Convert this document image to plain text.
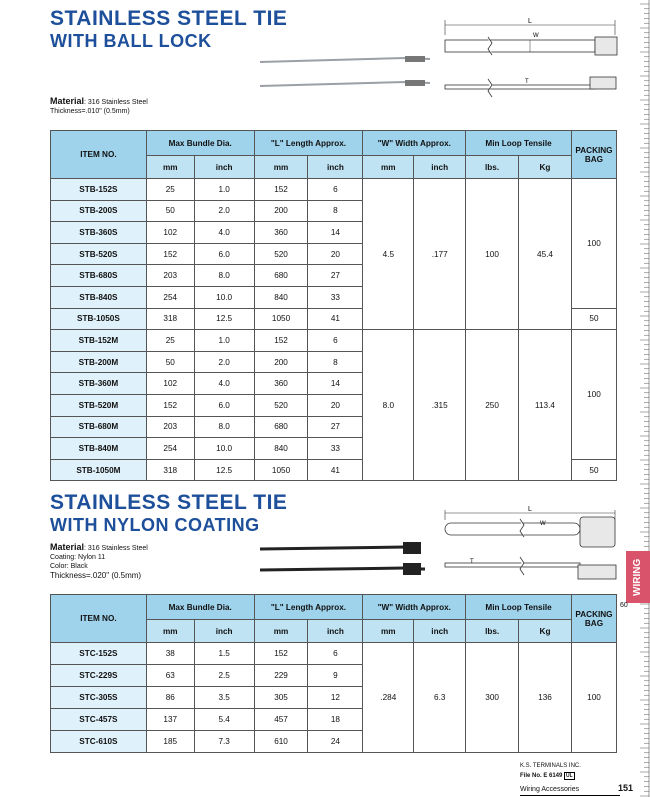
STAINLESS STEEL TIE
WITH BALL LOCK
L
W
T
Material: 316 Stainless Steel
Thickness=.010" (0.5mm)
ITEM NO.	Max Bundle Dia.		"L" Length Approx.		"W" Width Approx.		Min Loop Tensile		PACKING
BAG
	mm	inch	mm	inch	mm	inch	lbs.	Kg	
STB-152S	25	1.0	152	6	4.5	.177	100	45.4	100
STB-200S	50	2.0	200	8					
STB-360S	102	4.0	360	14					
STB-520S	152	6.0	520	20					
STB-680S	203	8.0	680	27					
STB-840S	254	10.0	840	33					
STB-1050S	318	12.5	1050	41					50
STB-152M	25	1.0	152	6	8.0	.315	250	113.4	100
STB-200M	50	2.0	200	8					
STB-360M	102	4.0	360	14					
STB-520M	152	6.0	520	20					
STB-680M	203	8.0	680	27					
STB-840M	254	10.0	840	33					
STB-1050M	318	12.5	1050	41					50
STAINLESS STEEL TIE
WITH NYLON COATING
L
W
T
Material: 316 Stainless Steel
Coating: Nylon 11
Color: Black
Thickness=.020" (0.5mm)
ITEM NO.	Max Bundle Dia.		"L" Length Approx.		"W" Width Approx.		Min Loop Tensile		PACKING
BAG
	mm	inch	mm	inch	mm	inch	lbs.	Kg	
STC-152S	38	1.5	152	6	.284	6.3	300	136	100
STC-229S	63	2.5	229	9					
STC-305S	86	3.5	305	12					
STC-457S	137	5.4	457	18					
STC-610S	185	7.3	610	24					
WIRING
60
K.S. TERMINALS INC.
File No. E 6149 UL
Wiring Accessories	151
